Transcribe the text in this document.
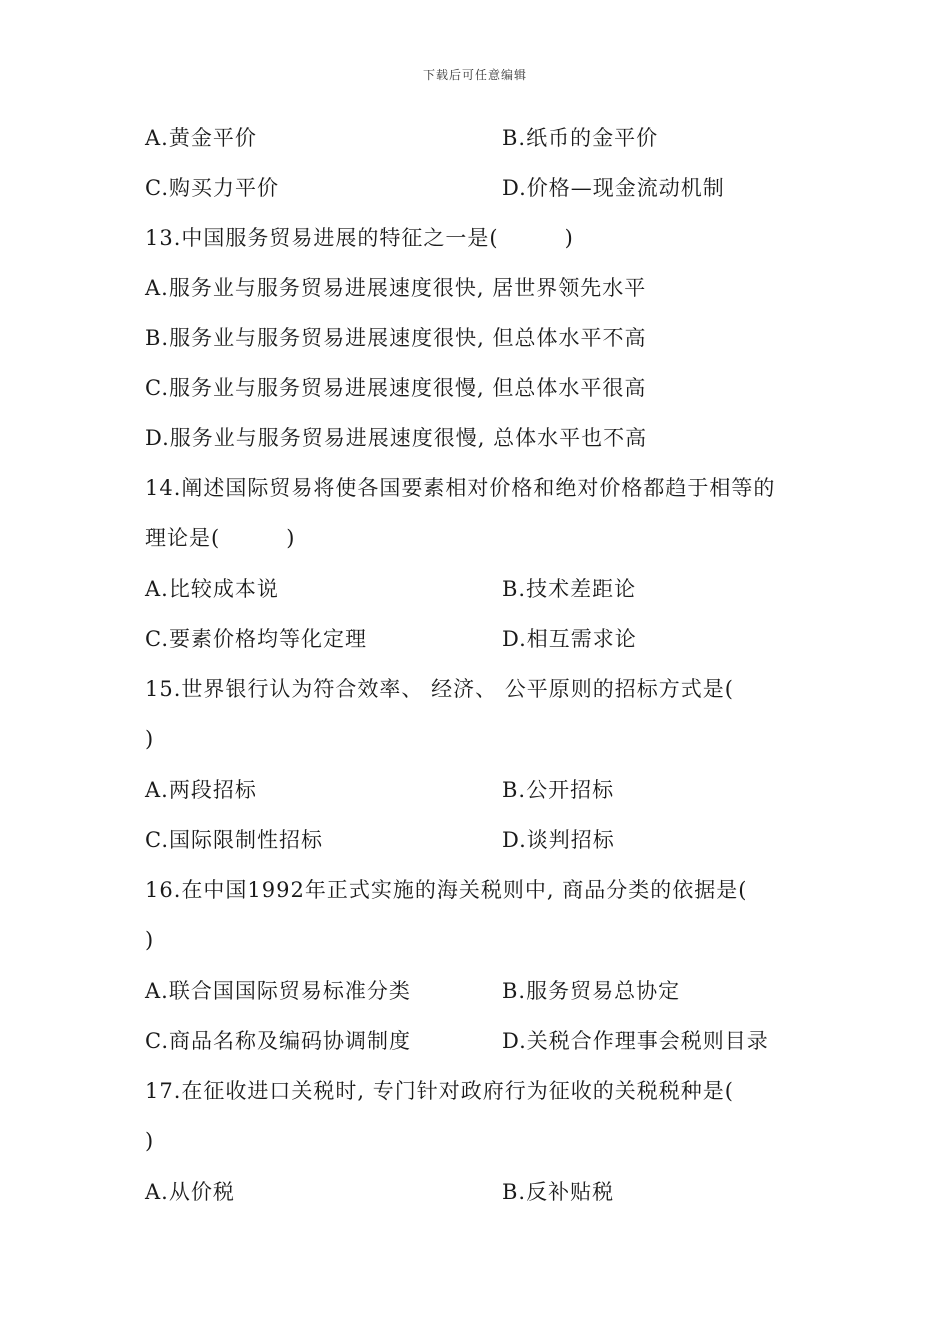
下载后可任意编辑
A.黄金平价	B.纸币的金平价
C.购买力平价	D.价格—现金流动机制
13.中国服务贸易进展的特征之一是(　　　)
A.服务业与服务贸易进展速度很快, 居世界领先水平
B.服务业与服务贸易进展速度很快, 但总体水平不高
C.服务业与服务贸易进展速度很慢, 但总体水平很高
D.服务业与服务贸易进展速度很慢, 总体水平也不高
14.阐述国际贸易将使各国要素相对价格和绝对价格都趋于相等的
理论是(　　　)
A.比较成本说	B.技术差距论
C.要素价格均等化定理	D.相互需求论
15.世界银行认为符合效率、 经济、 公平原则的招标方式是(
)
A.两段招标	B.公开招标
C.国际限制性招标	D.谈判招标
16.在中国1992年正式实施的海关税则中, 商品分类的依据是(
)
A.联合国国际贸易标准分类	B.服务贸易总协定
C.商品名称及编码协调制度	D.关税合作理事会税则目录
17.在征收进口关税时, 专门针对政府行为征收的关税税种是(
)
A.从价税	B.反补贴税
